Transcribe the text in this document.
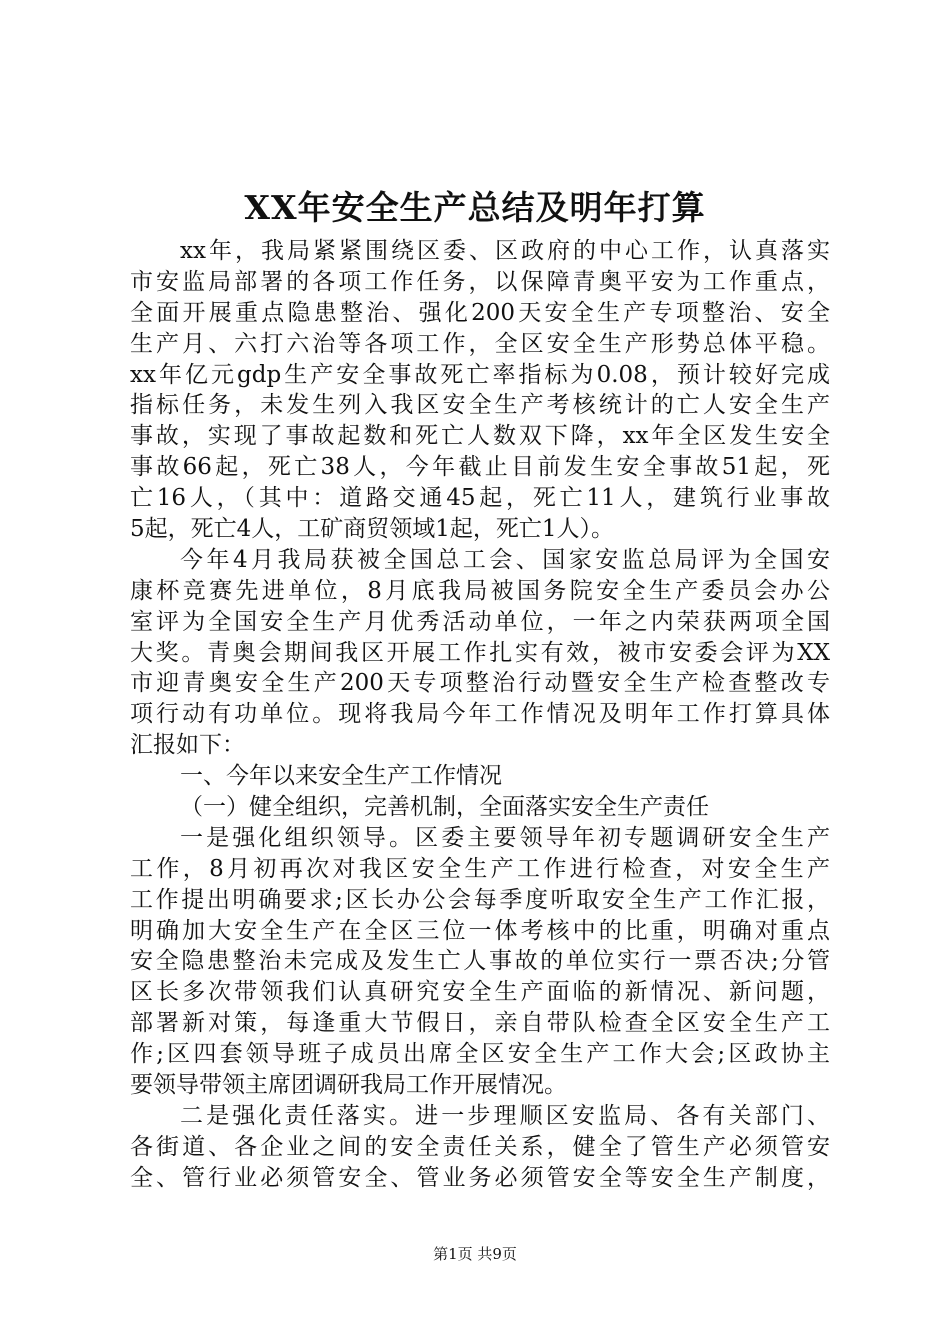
XX年安全生产总结及明年打算
xx年，我局紧紧围绕区委、区政府的中心工作，认真落实
市安监局部署的各项工作任务，以保障青奥平安为工作重点，
全面开展重点隐患整治、强化200天安全生产专项整治、安全
生产月、六打六治等各项工作，全区安全生产形势总体平稳。
xx年亿元gdp生产安全事故死亡率指标为0.08，预计较好完成
指标任务，未发生列入我区安全生产考核统计的亡人安全生产
事故，实现了事故起数和死亡人数双下降，xx年全区发生安全
事故66起，死亡38人，今年截止目前发生安全事故51起，死
亡16人，（其中：道路交通45起，死亡11人，建筑行业事故
5起，死亡4人，工矿商贸领域1起，死亡1人）。
今年4月我局获被全国总工会、国家安监总局评为全国安
康杯竞赛先进单位，8月底我局被国务院安全生产委员会办公
室评为全国安全生产月优秀活动单位，一年之内荣获两项全国
大奖。青奥会期间我区开展工作扎实有效，被市安委会评为XX
市迎青奥安全生产200天专项整治行动暨安全生产检查整改专
项行动有功单位。现将我局今年工作情况及明年工作打算具体
汇报如下：
一、今年以来安全生产工作情况
（一）健全组织，完善机制，全面落实安全生产责任
一是强化组织领导。区委主要领导年初专题调研安全生产
工作，8月初再次对我区安全生产工作进行检查，对安全生产
工作提出明确要求;区长办公会每季度听取安全生产工作汇报，
明确加大安全生产在全区三位一体考核中的比重，明确对重点
安全隐患整治未完成及发生亡人事故的单位实行一票否决;分管
区长多次带领我们认真研究安全生产面临的新情况、新问题，
部署新对策，每逢重大节假日，亲自带队检查全区安全生产工
作;区四套领导班子成员出席全区安全生产工作大会;区政协主
要领导带领主席团调研我局工作开展情况。
二是强化责任落实。进一步理顺区安监局、各有关部门、
各街道、各企业之间的安全责任关系，健全了管生产必须管安
全、管行业必须管安全、管业务必须管安全等安全生产制度，
第1页 共9页
